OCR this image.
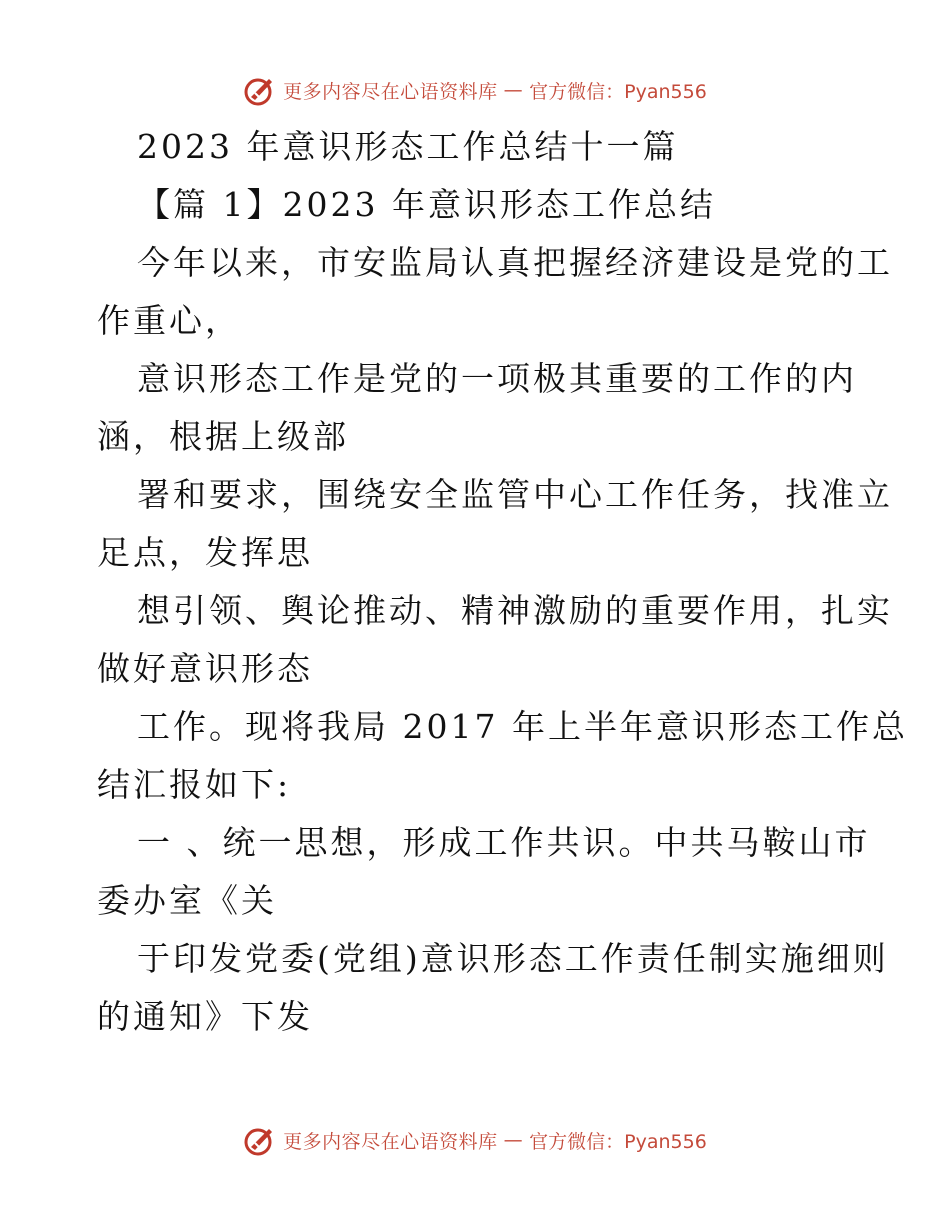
更多内容尽在心语资料库 — 官方微信：Pyan556
2023 年意识形态工作总结十一篇
【篇 1】2023 年意识形态工作总结
今年以来，市安监局认真把握经济建设是党的工
作重心，
意识形态工作是党的一项极其重要的工作的内
涵，根据上级部
署和要求，围绕安全监管中心工作任务，找准立
足点，发挥思
想引领、舆论推动、精神激励的重要作用，扎实
做好意识形态
工作。现将我局 2017 年上半年意识形态工作总
结汇报如下:
一 、统一思想，形成工作共识。中共马鞍山市
委办室《关
于印发党委(党组)意识形态工作责任制实施细则
的通知》下发
更多内容尽在心语资料库 — 官方微信：Pyan556
